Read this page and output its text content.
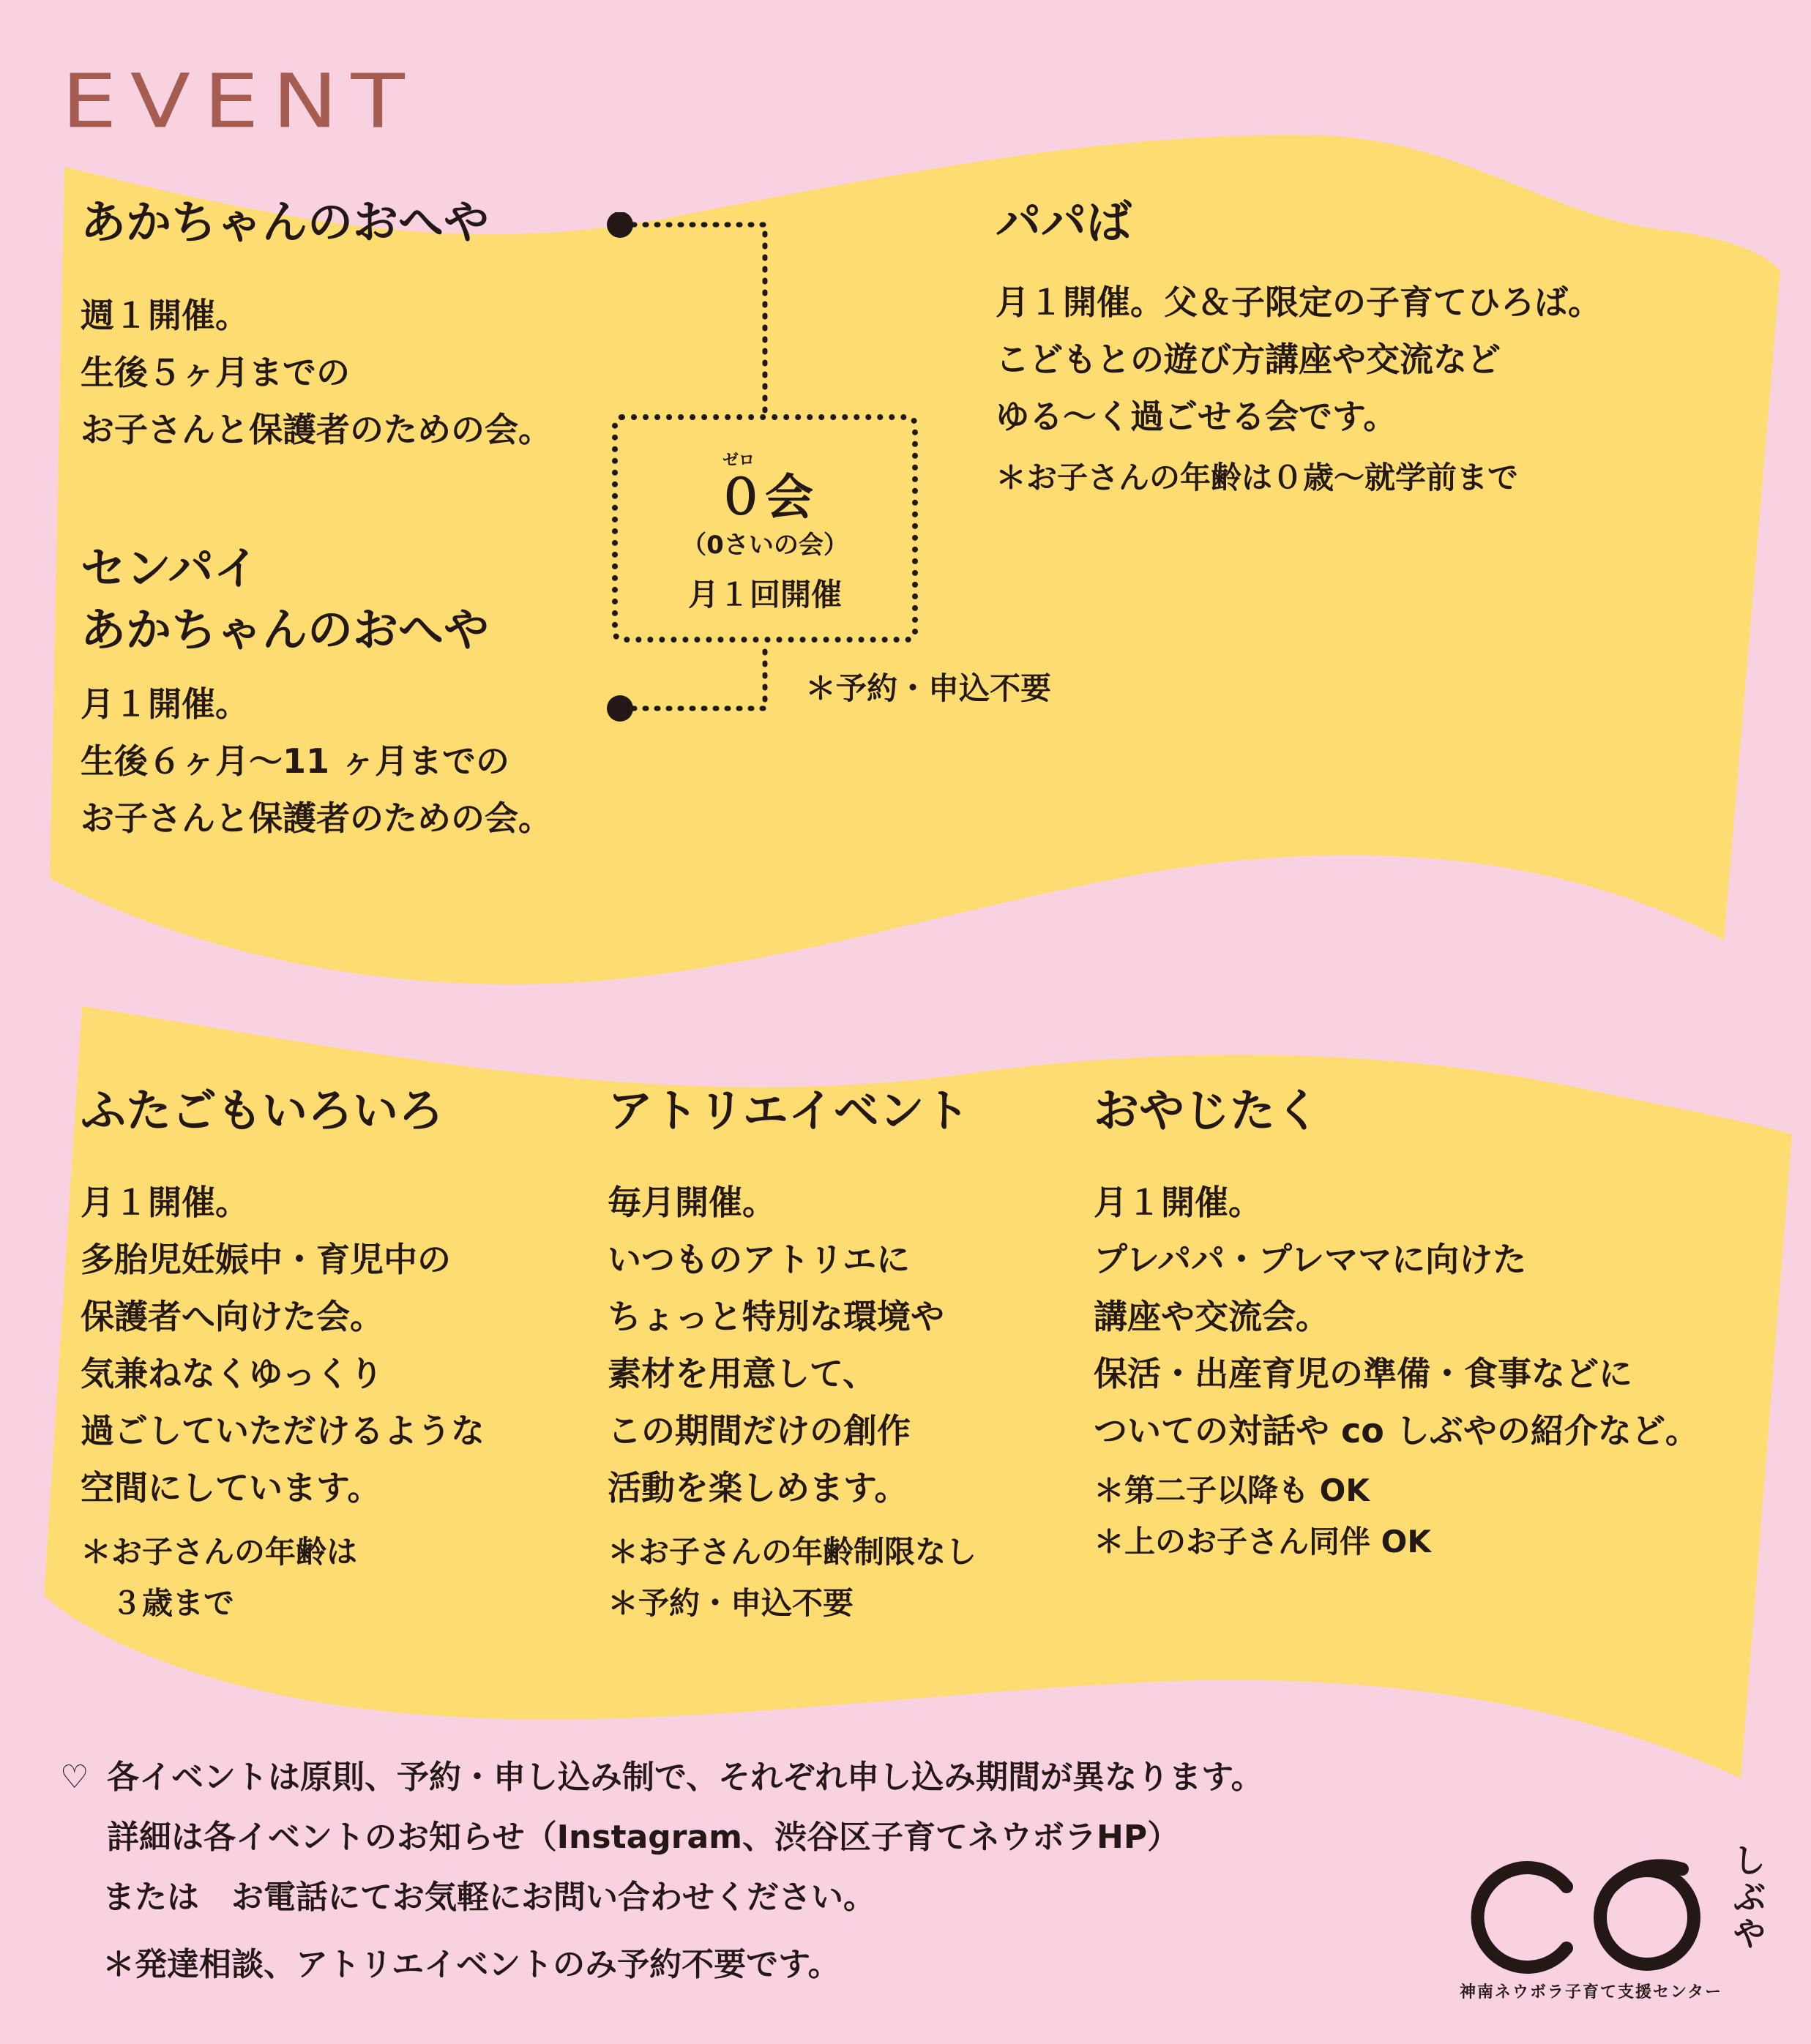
EVENT
あかちゃんのおへや
週１開催。
生後５ヶ月までの
お子さんと保護者のための会。
センパイ
あかちゃんのおへや
月１開催。
生後６ヶ月〜11 ヶ月までの
お子さんと保護者のための会。
ゼロ
０会
（0さいの会）
月１回開催
＊予約・申込不要
パパば
月１開催。父＆子限定の子育てひろば。
こどもとの遊び方講座や交流など
ゆる〜く過ごせる会です。
＊お子さんの年齢は０歳〜就学前まで
ふたごもいろいろ
月１開催。
多胎児妊娠中・育児中の
保護者へ向けた会。
気兼ねなくゆっくり
過ごしていただけるような
空間にしています。
＊お子さんの年齢は
３歳まで
アトリエイベント
毎月開催。
いつものアトリエに
ちょっと特別な環境や
素材を用意して、
この期間だけの創作
活動を楽しめます。
＊お子さんの年齢制限なし
＊予約・申込不要
おやじたく
月１開催。
プレパパ・プレママに向けた
講座や交流会。
保活・出産育児の準備・食事などに
ついての対話や co しぶやの紹介など。
＊第二子以降も OK
＊上のお子さん同伴 OK
♡ 各イベントは原則、予約・申し込み制で、それぞれ申し込み期間が異なります。
詳細は各イベントのお知らせ（Instagram、渋谷区子育てネウボラHP）
または　お電話にてお気軽にお問い合わせください。
＊発達相談、アトリエイベントのみ予約不要です。
しぶや
神南ネウボラ子育て支援センター
